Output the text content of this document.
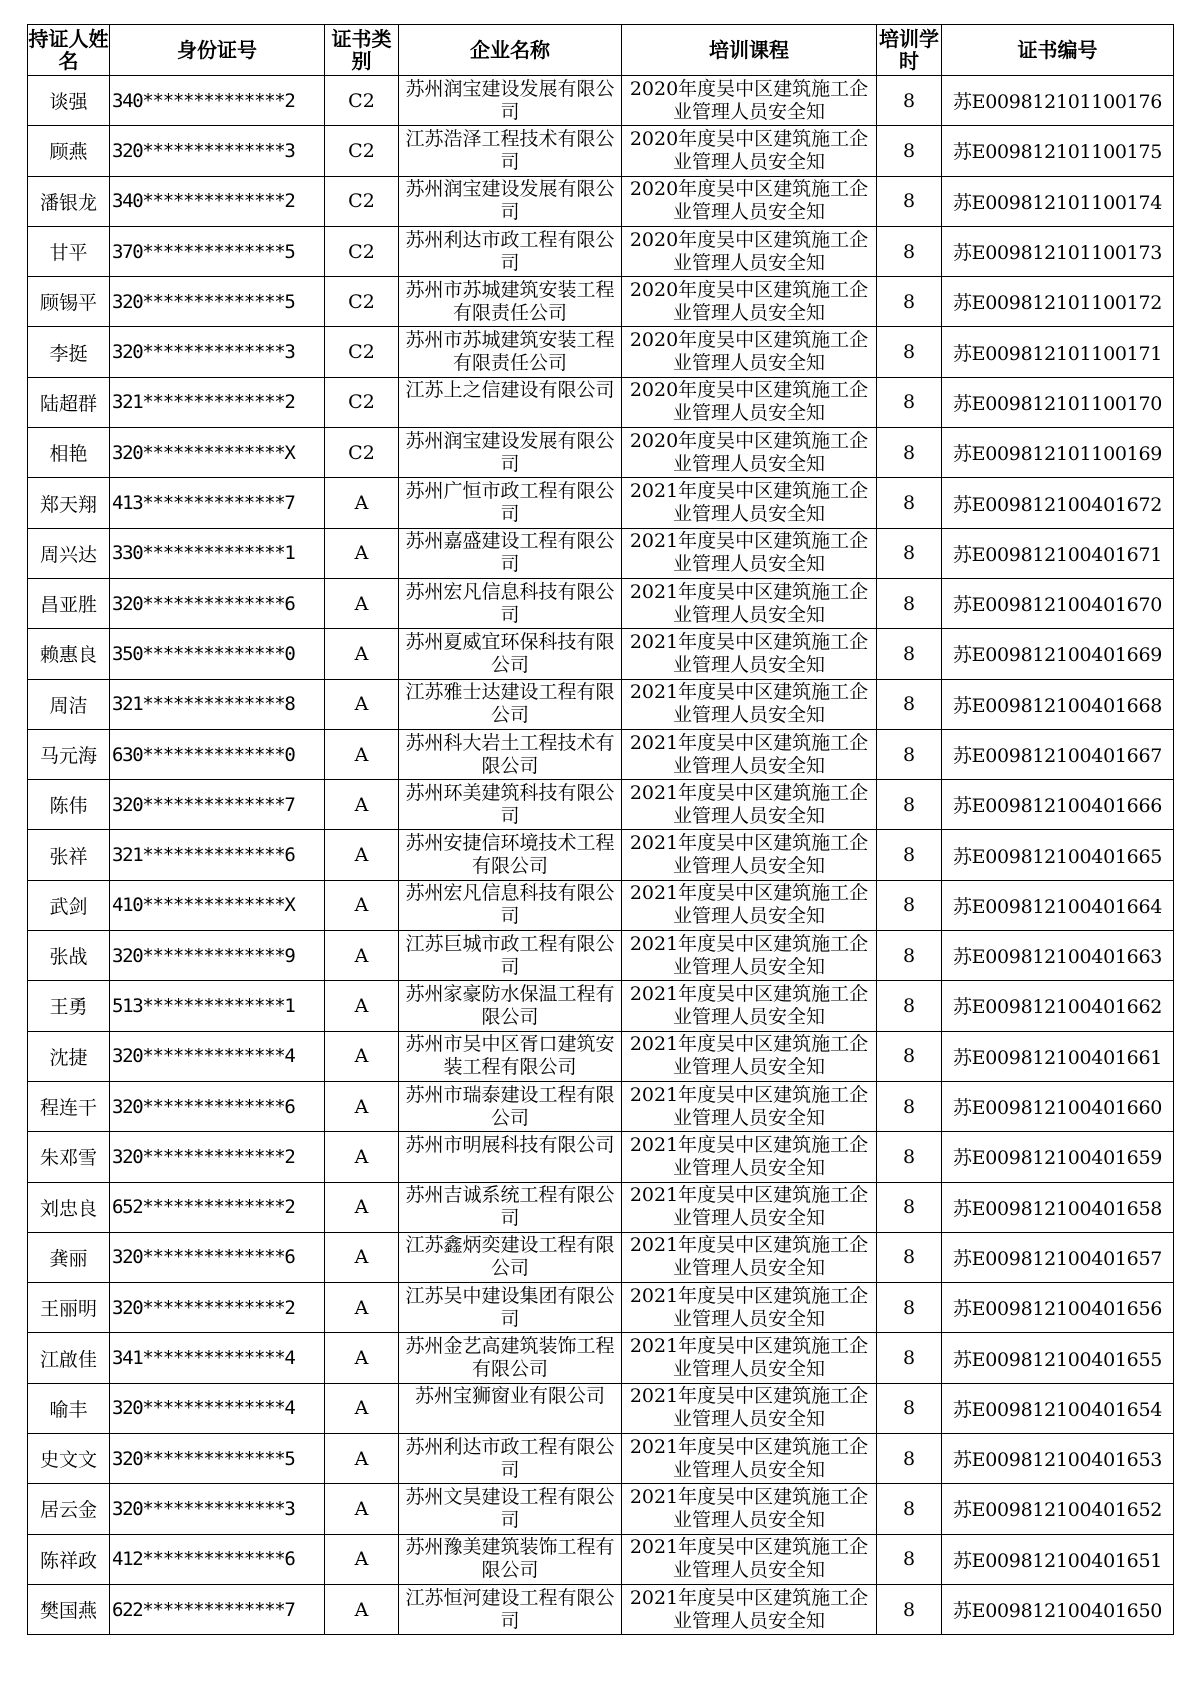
持证人姓名	身份证号	证书类别	企业名称	培训课程	培训学时	证书编号
谈强	340**************2	C2	苏州润宝建设发展有限公司	2020年度吴中区建筑施工企业管理人员安全知	8	苏E009812101100176
顾燕	320**************3	C2	江苏浩泽工程技术有限公司	2020年度吴中区建筑施工企业管理人员安全知	8	苏E009812101100175
潘银龙	340**************2	C2	苏州润宝建设发展有限公司	2020年度吴中区建筑施工企业管理人员安全知	8	苏E009812101100174
甘平	370**************5	C2	苏州利达市政工程有限公司	2020年度吴中区建筑施工企业管理人员安全知	8	苏E009812101100173
顾锡平	320**************5	C2	苏州市苏城建筑安装工程有限责任公司	2020年度吴中区建筑施工企业管理人员安全知	8	苏E009812101100172
李挺	320**************3	C2	苏州市苏城建筑安装工程有限责任公司	2020年度吴中区建筑施工企业管理人员安全知	8	苏E009812101100171
陆超群	321**************2	C2	江苏上之信建设有限公司	2020年度吴中区建筑施工企业管理人员安全知	8	苏E009812101100170
相艳	320**************X	C2	苏州润宝建设发展有限公司	2020年度吴中区建筑施工企业管理人员安全知	8	苏E009812101100169
郑天翔	413**************7	A	苏州广恒市政工程有限公司	2021年度吴中区建筑施工企业管理人员安全知	8	苏E009812100401672
周兴达	330**************1	A	苏州嘉盛建设工程有限公司	2021年度吴中区建筑施工企业管理人员安全知	8	苏E009812100401671
昌亚胜	320**************6	A	苏州宏凡信息科技有限公司	2021年度吴中区建筑施工企业管理人员安全知	8	苏E009812100401670
赖惠良	350**************0	A	苏州夏威宜环保科技有限公司	2021年度吴中区建筑施工企业管理人员安全知	8	苏E009812100401669
周洁	321**************8	A	江苏雅士达建设工程有限公司	2021年度吴中区建筑施工企业管理人员安全知	8	苏E009812100401668
马元海	630**************0	A	苏州科大岩土工程技术有限公司	2021年度吴中区建筑施工企业管理人员安全知	8	苏E009812100401667
陈伟	320**************7	A	苏州环美建筑科技有限公司	2021年度吴中区建筑施工企业管理人员安全知	8	苏E009812100401666
张祥	321**************6	A	苏州安捷信环境技术工程有限公司	2021年度吴中区建筑施工企业管理人员安全知	8	苏E009812100401665
武剑	410**************X	A	苏州宏凡信息科技有限公司	2021年度吴中区建筑施工企业管理人员安全知	8	苏E009812100401664
张战	320**************9	A	江苏巨城市政工程有限公司	2021年度吴中区建筑施工企业管理人员安全知	8	苏E009812100401663
王勇	513**************1	A	苏州家豪防水保温工程有限公司	2021年度吴中区建筑施工企业管理人员安全知	8	苏E009812100401662
沈捷	320**************4	A	苏州市吴中区胥口建筑安装工程有限公司	2021年度吴中区建筑施工企业管理人员安全知	8	苏E009812100401661
程连干	320**************6	A	苏州市瑞泰建设工程有限公司	2021年度吴中区建筑施工企业管理人员安全知	8	苏E009812100401660
朱邓雪	320**************2	A	苏州市明展科技有限公司	2021年度吴中区建筑施工企业管理人员安全知	8	苏E009812100401659
刘忠良	652**************2	A	苏州吉诚系统工程有限公司	2021年度吴中区建筑施工企业管理人员安全知	8	苏E009812100401658
龚丽	320**************6	A	江苏鑫炳奕建设工程有限公司	2021年度吴中区建筑施工企业管理人员安全知	8	苏E009812100401657
王丽明	320**************2	A	江苏吴中建设集团有限公司	2021年度吴中区建筑施工企业管理人员安全知	8	苏E009812100401656
江啟佳	341**************4	A	苏州金艺高建筑装饰工程有限公司	2021年度吴中区建筑施工企业管理人员安全知	8	苏E009812100401655
喻丰	320**************4	A	苏州宝狮窗业有限公司	2021年度吴中区建筑施工企业管理人员安全知	8	苏E009812100401654
史文文	320**************5	A	苏州利达市政工程有限公司	2021年度吴中区建筑施工企业管理人员安全知	8	苏E009812100401653
居云金	320**************3	A	苏州文昊建设工程有限公司	2021年度吴中区建筑施工企业管理人员安全知	8	苏E009812100401652
陈祥政	412**************6	A	苏州豫美建筑装饰工程有限公司	2021年度吴中区建筑施工企业管理人员安全知	8	苏E009812100401651
樊国燕	622**************7	A	江苏恒河建设工程有限公司	2021年度吴中区建筑施工企业管理人员安全知	8	苏E009812100401650
